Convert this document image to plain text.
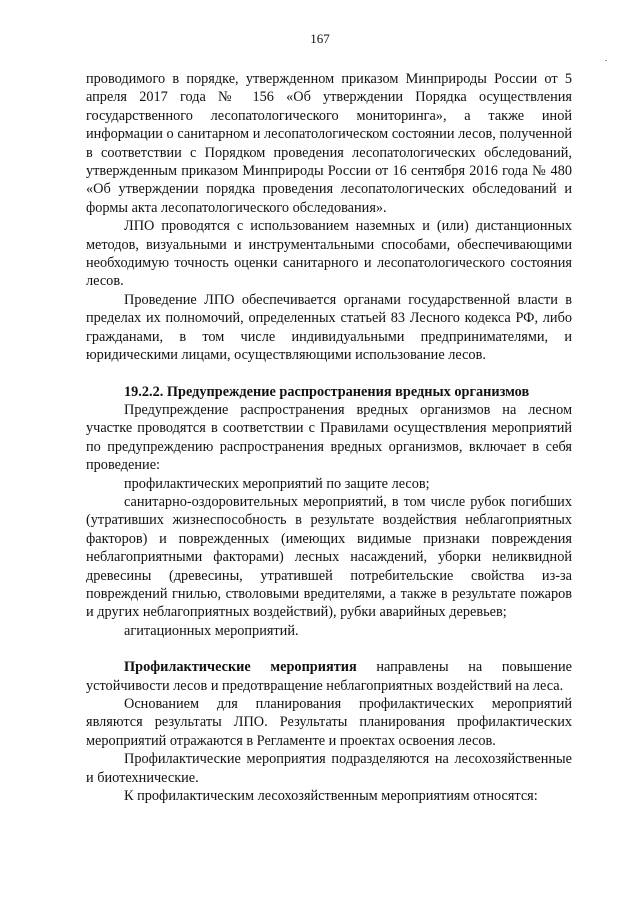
167

проводимого в порядке, утвержденном приказом Минприроды России от 5 апреля 2017 года № 156 «Об утверждении Порядка осуществления государственного лесопатологического мониторинга», а также иной информации о санитарном и лесопатологическом состоянии лесов, полученной в соответствии с Порядком проведения лесопатологических обследований, утвержденным приказом Минприроды России от 16 сентября 2016 года № 480 «Об утверждении порядка проведения лесопатологических обследований и формы акта лесопатологического обследования».

ЛПО проводятся с использованием наземных и (или) дистанционных методов, визуальными и инструментальными способами, обеспечивающими необходимую точность оценки санитарного и лесопатологического состояния лесов.

Проведение ЛПО обеспечивается органами государственной власти в пределах их полномочий, определенных статьей 83 Лесного кодекса РФ, либо гражданами, в том числе индивидуальными предпринимателями, и юридическими лицами, осуществляющими использование лесов.

19.2.2. Предупреждение распространения вредных организмов

Предупреждение распространения вредных организмов на лесном участке проводятся в соответствии с Правилами осуществления мероприятий по предупреждению распространения вредных организмов, включает в себя проведение:

профилактических мероприятий по защите лесов;

санитарно-оздоровительных мероприятий, в том числе рубок погибших (утративших жизнеспособность в результате воздействия неблагоприятных факторов) и поврежденных (имеющих видимые признаки повреждения неблагоприятными факторами) лесных насаждений, уборки неликвидной древесины (древесины, утратившей потребительские свойства из-за повреждений гнилью, стволовыми вредителями, а также в результате пожаров и других неблагоприятных воздействий), рубки аварийных деревьев;

агитационных мероприятий.

Профилактические мероприятия направлены на повышение устойчивости лесов и предотвращение неблагоприятных воздействий на леса.

Основанием для планирования профилактических мероприятий являются результаты ЛПО. Результаты планирования профилактических мероприятий отражаются в Регламенте и проектах освоения лесов.

Профилактические мероприятия подразделяются на лесохозяйственные и биотехнические.

К профилактическим лесохозяйственным мероприятиям относятся:
